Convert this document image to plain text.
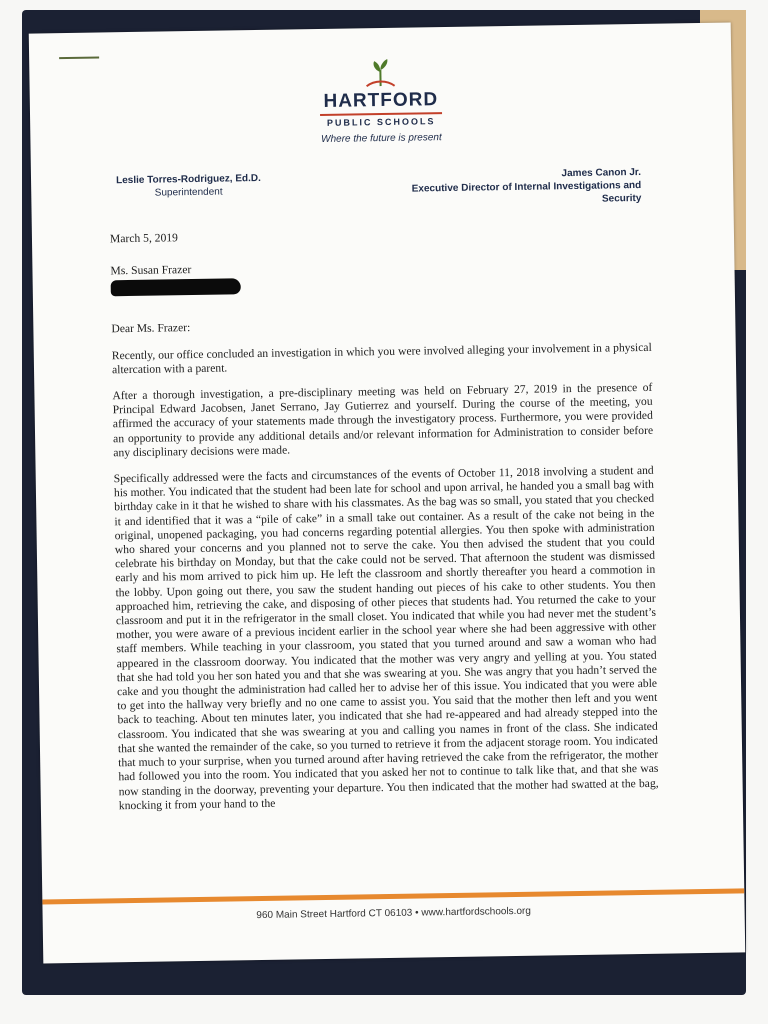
HARTFORD
PUBLIC SCHOOLS
Where the future is present
Leslie Torres-Rodriguez, Ed.D.
Superintendent
James Canon Jr.
Executive Director of Internal Investigations and Security

March 5, 2019

Ms. Susan Frazer

Dear Ms. Frazer:

Recently, our office concluded an investigation in which you were involved alleging your involvement in a physical altercation with a parent.

After a thorough investigation, a pre-disciplinary meeting was held on February 27, 2019 in the presence of Principal Edward Jacobsen, Janet Serrano, Jay Gutierrez and yourself. During the course of the meeting, you affirmed the accuracy of your statements made through the investigatory process. Furthermore, you were provided an opportunity to provide any additional details and/or relevant information for Administration to consider before any disciplinary decisions were made.

Specifically addressed were the facts and circumstances of the events of October 11, 2018 involving a student and his mother. You indicated that the student had been late for school and upon arrival, he handed you a small bag with birthday cake in it that he wished to share with his classmates. As the bag was so small, you stated that you checked it and identified that it was a “pile of cake” in a small take out container. As a result of the cake not being in the original, unopened packaging, you had concerns regarding potential allergies. You then spoke with administration who shared your concerns and you planned not to serve the cake. You then advised the student that you could celebrate his birthday on Monday, but that the cake could not be served. That afternoon the student was dismissed early and his mom arrived to pick him up. He left the classroom and shortly thereafter you heard a commotion in the lobby. Upon going out there, you saw the student handing out pieces of his cake to other students. You then approached him, retrieving the cake, and disposing of other pieces that students had. You returned the cake to your classroom and put it in the refrigerator in the small closet. You indicated that while you had never met the student’s mother, you were aware of a previous incident earlier in the school year where she had been aggressive with other staff members. While teaching in your classroom, you stated that you turned around and saw a woman who had appeared in the classroom doorway. You indicated that the mother was very angry and yelling at you. You stated that she had told you her son hated you and that she was swearing at you. She was angry that you hadn’t served the cake and you thought the administration had called her to advise her of this issue. You indicated that you were able to get into the hallway very briefly and no one came to assist you. You said that the mother then left and you went back to teaching. About ten minutes later, you indicated that she had re-appeared and had already stepped into the classroom. You indicated that she was swearing at you and calling you names in front of the class. She indicated that she wanted the remainder of the cake, so you turned to retrieve it from the adjacent storage room. You indicated that much to your surprise, when you turned around after having retrieved the cake from the refrigerator, the mother had followed you into the room. You indicated that you asked her not to continue to talk like that, and that she was now standing in the doorway, preventing your departure. You then indicated that the mother had swatted at the bag, knocking it from your hand to the

960 Main Street Hartford CT 06103 • www.hartfordschools.org
